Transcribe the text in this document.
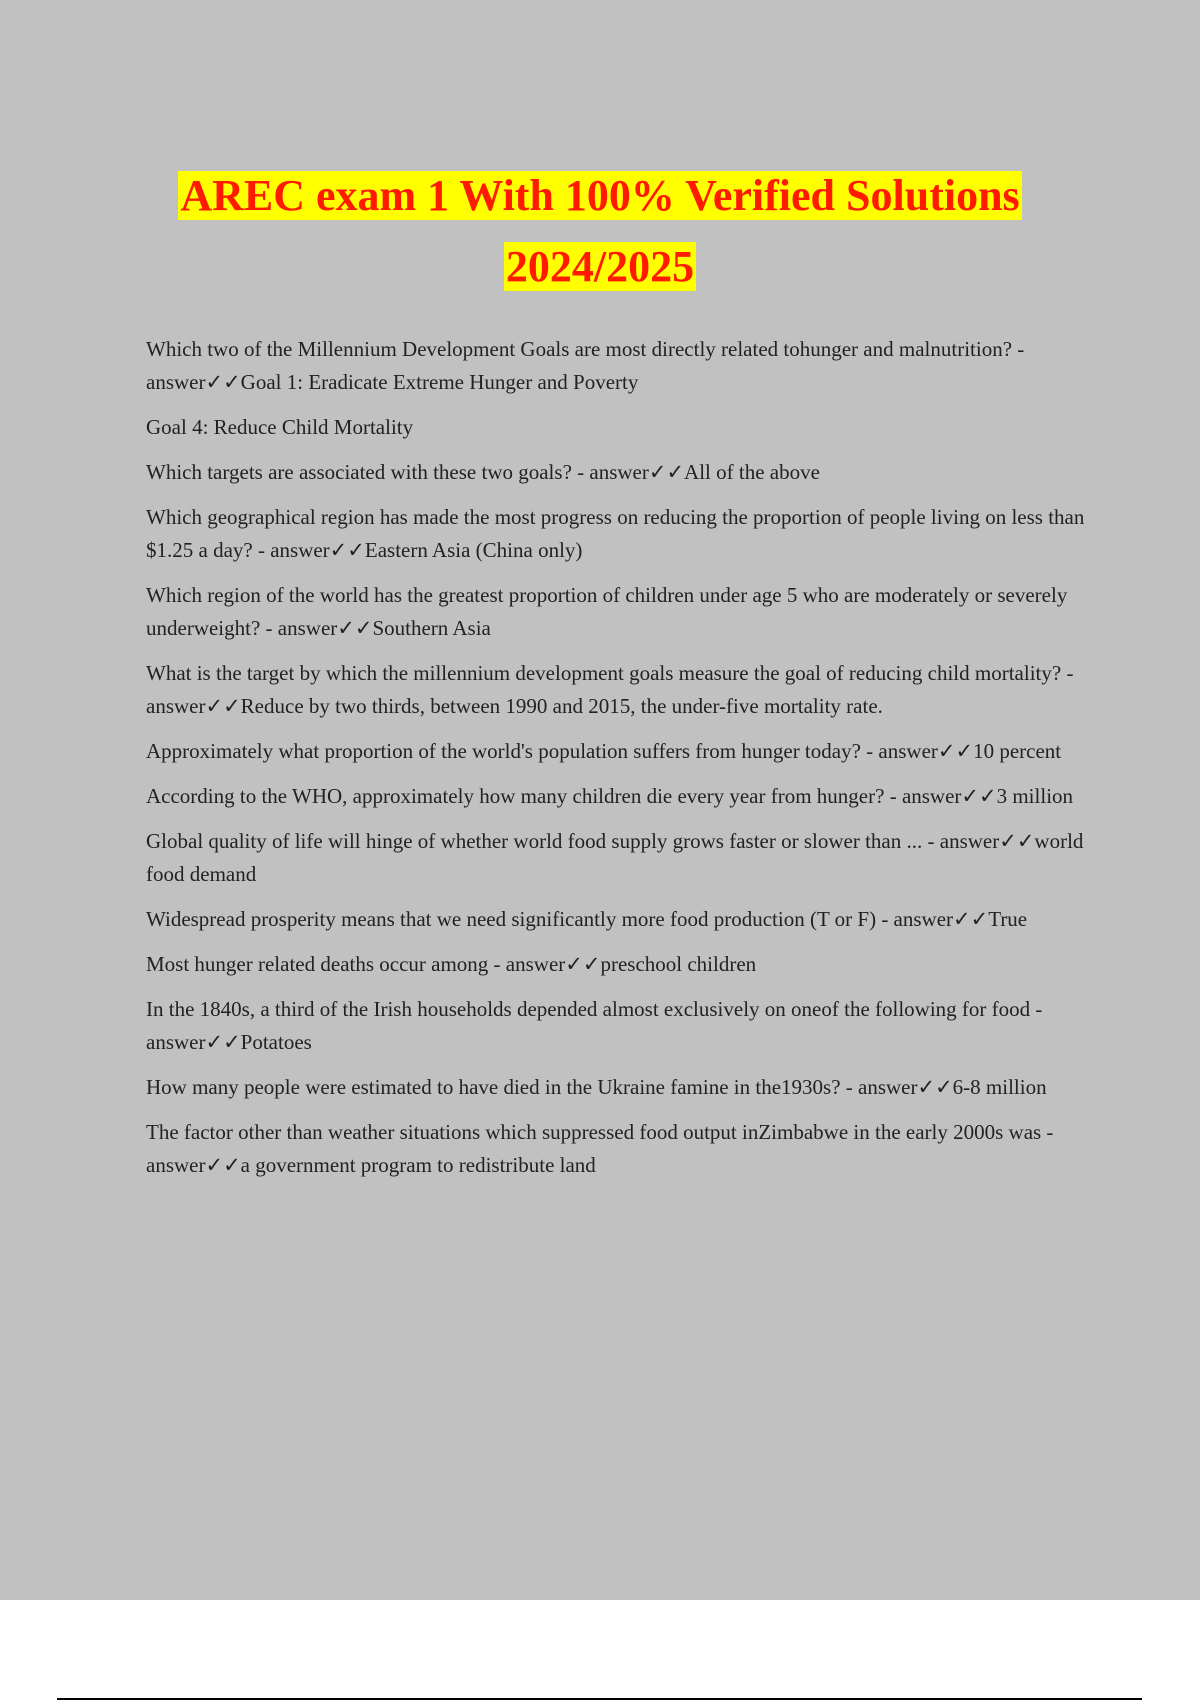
AREC exam 1 With 100% Verified Solutions
2024/2025

Which two of the Millennium Development Goals are most directly related tohunger and malnutrition? - answer✓✓Goal 1: Eradicate Extreme Hunger and Poverty

Goal 4: Reduce Child Mortality

Which targets are associated with these two goals? - answer✓✓All of the above

Which geographical region has made the most progress on reducing the proportion of people living on less than $1.25 a day? - answer✓✓Eastern Asia (China only)

Which region of the world has the greatest proportion of children under age 5 who are moderately or severely underweight? - answer✓✓Southern Asia

What is the target by which the millennium development goals measure the goal of reducing child mortality? - answer✓✓Reduce by two thirds, between 1990 and 2015, the under-five mortality rate.

Approximately what proportion of the world's population suffers from hunger today? - answer✓✓10 percent

According to the WHO, approximately how many children die every year from hunger? - answer✓✓3 million

Global quality of life will hinge of whether world food supply grows faster or slower than ... - answer✓✓world food demand

Widespread prosperity means that we need significantly more food production (T or F) - answer✓✓True

Most hunger related deaths occur among - answer✓✓preschool children

In the 1840s, a third of the Irish households depended almost exclusively on oneof the following for food - answer✓✓Potatoes

How many people were estimated to have died in the Ukraine famine in the1930s? - answer✓✓6-8 million

The factor other than weather situations which suppressed food output inZimbabwe in the early 2000s was - answer✓✓a government program to redistribute land
